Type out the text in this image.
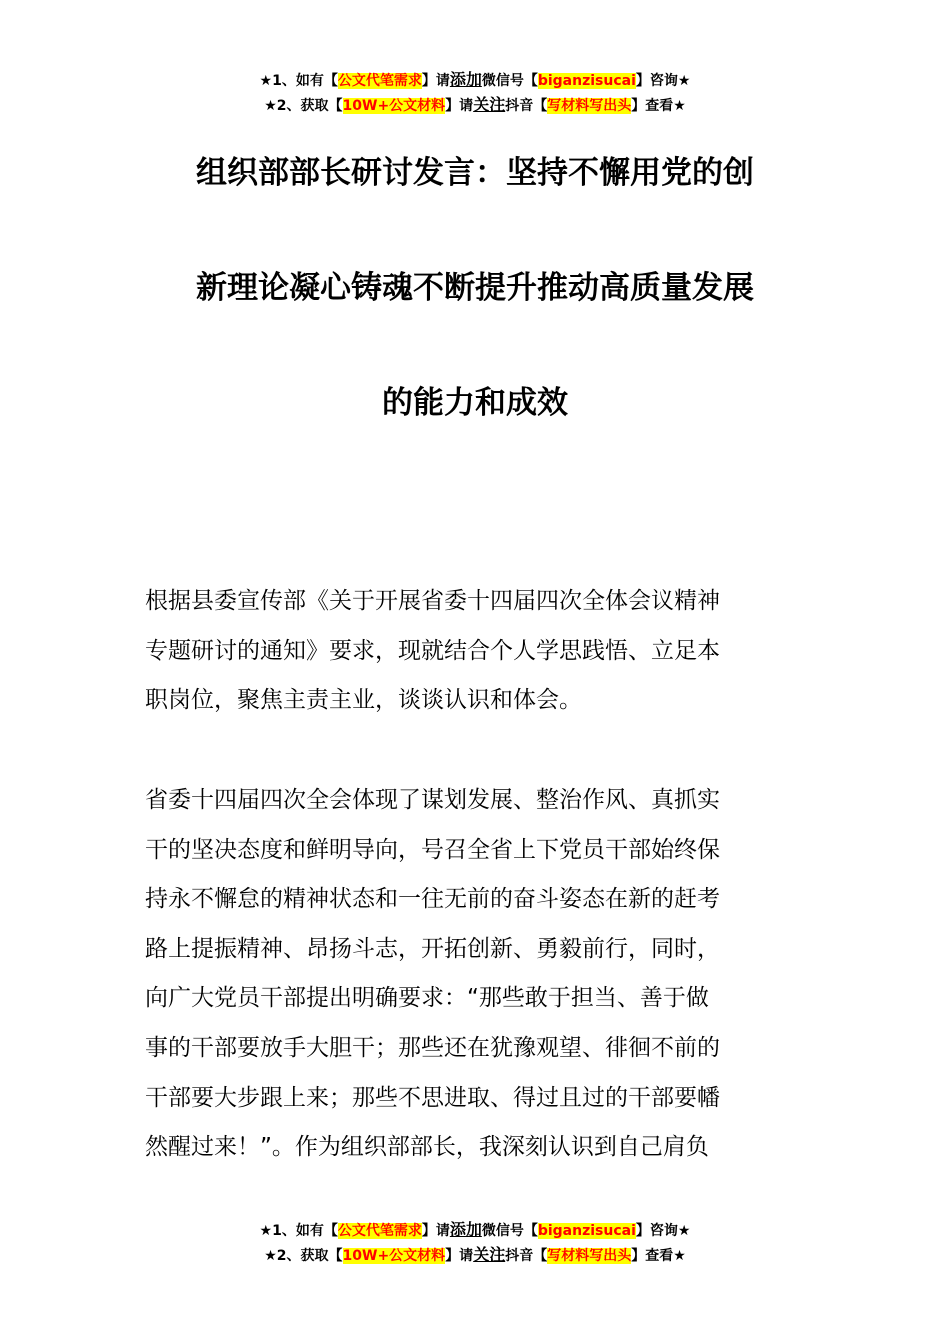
★1、如有【公文代笔需求】请添加微信号【biganzisucai】咨询★
★2、获取【10W+公文材料】请关注抖音【写材料写出头】查看★
组织部部长研讨发言：坚持不懈用党的创
新理论凝心铸魂不断提升推动高质量发展
的能力和成效
根据县委宣传部《关于开展省委十四届四次全体会议精神
专题研讨的通知》要求，现就结合个人学思践悟、立足本
职岗位，聚焦主责主业，谈谈认识和体会。
省委十四届四次全会体现了谋划发展、整治作风、真抓实
干的坚决态度和鲜明导向，号召全省上下党员干部始终保
持永不懈怠的精神状态和一往无前的奋斗姿态在新的赶考
路上提振精神、昂扬斗志，开拓创新、勇毅前行，同时，
向广大党员干部提出明确要求：“那些敢于担当、善于做
事的干部要放手大胆干；那些还在犹豫观望、徘徊不前的
干部要大步跟上来；那些不思进取、得过且过的干部要幡
然醒过来！”。作为组织部部长，我深刻认识到自己肩负
★1、如有【公文代笔需求】请添加微信号【biganzisucai】咨询★
★2、获取【10W+公文材料】请关注抖音【写材料写出头】查看★
